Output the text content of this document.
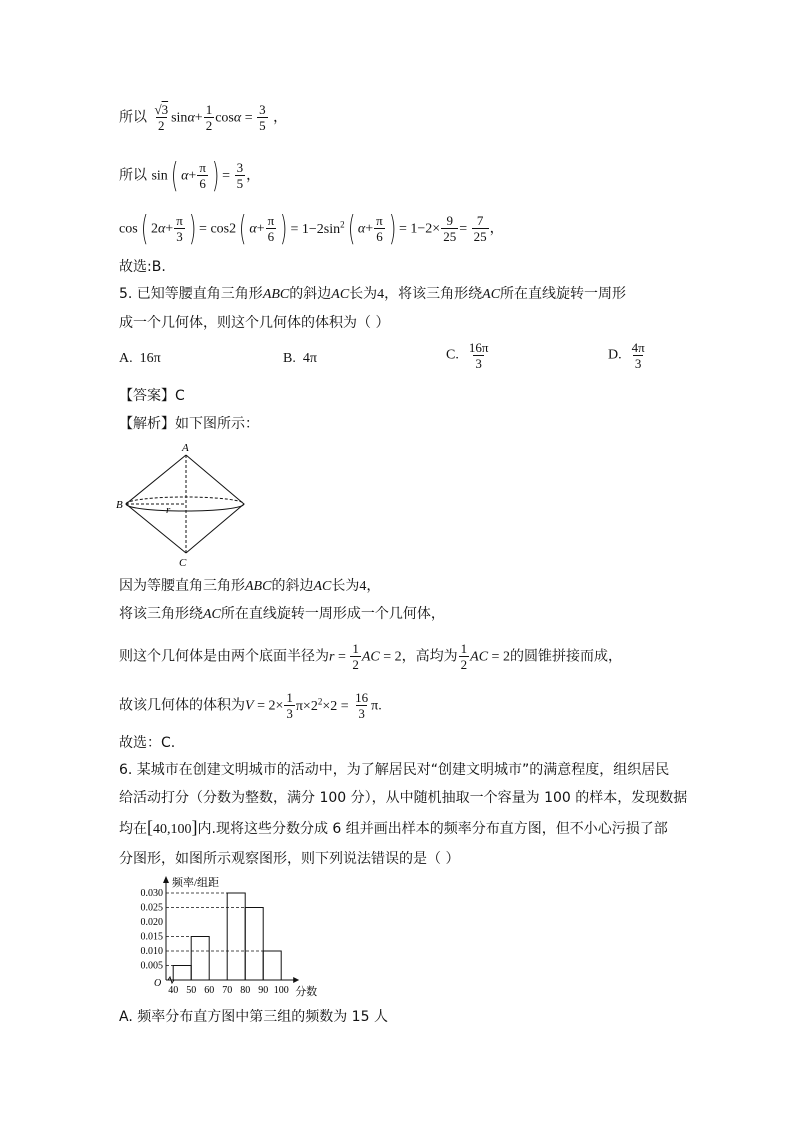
所以 $\frac{√3}{2} \sin\alpha+ \frac{1}{2}$ $\cos\alpha = \frac{3}{5}$ ，
所以 sin( $\alpha+ \frac{\pi}{6}$ ) = $\frac{3}{5}$ ，
cos( $2\alpha+ \frac{\pi}{3}$ ) = cos2( $\alpha+ \frac{\pi}{6}$ ) = $1-2\sin^2$( $\alpha+ \frac{\pi}{6}$ ) = $1-2\times \frac{9}{25} = \frac{7}{25}$ ，
故选:B.
5. 已知等腰直角三角形ABC的斜边AC长为4，将该三角形绕AC所在直线旋转一周形
成一个几何体，则这个几何体的体积为（ ）
A. 16π	B. 4π	C. $\frac{16\pi}{3}$	D. $\frac{4\pi}{3}$
【答案】C
【解析】如下图所示：
A
B
C
r
因为等腰直角三角形ABC的斜边AC长为4，
将该三角形绕AC所在直线旋转一周形成一个几何体，
则这个几何体是由两个底面半径为$r = \frac{1}{2}$ AC = 2，高均为 $\frac{1}{2}$ AC = 2的圆锥拼接而成，
故该几何体的体积为$V = 2\times \frac{1}{3} \pi\times 2^2\times 2 = \frac{16}{3} \pi$.
故选：C.
6. 某城市在创建文明城市的活动中，为了解居民对“创建文明城市”的满意程度，组织居民
给活动打分（分数为整数，满分 100 分），从中随机抽取一个容量为 100 的样本，发现数据
均在[40,100]内.现将这些分数分成 6 组并画出样本的频率分布直方图，但不小心污损了部
分图形，如图所示观察图形，则下列说法错误的是（ ）
0.005
0.010
0.015
0.020
0.025
0.030
40 50 60 70 80 90 100
O
频率/组距
分数
A. 频率分布直方图中第三组的频数为 15 人
